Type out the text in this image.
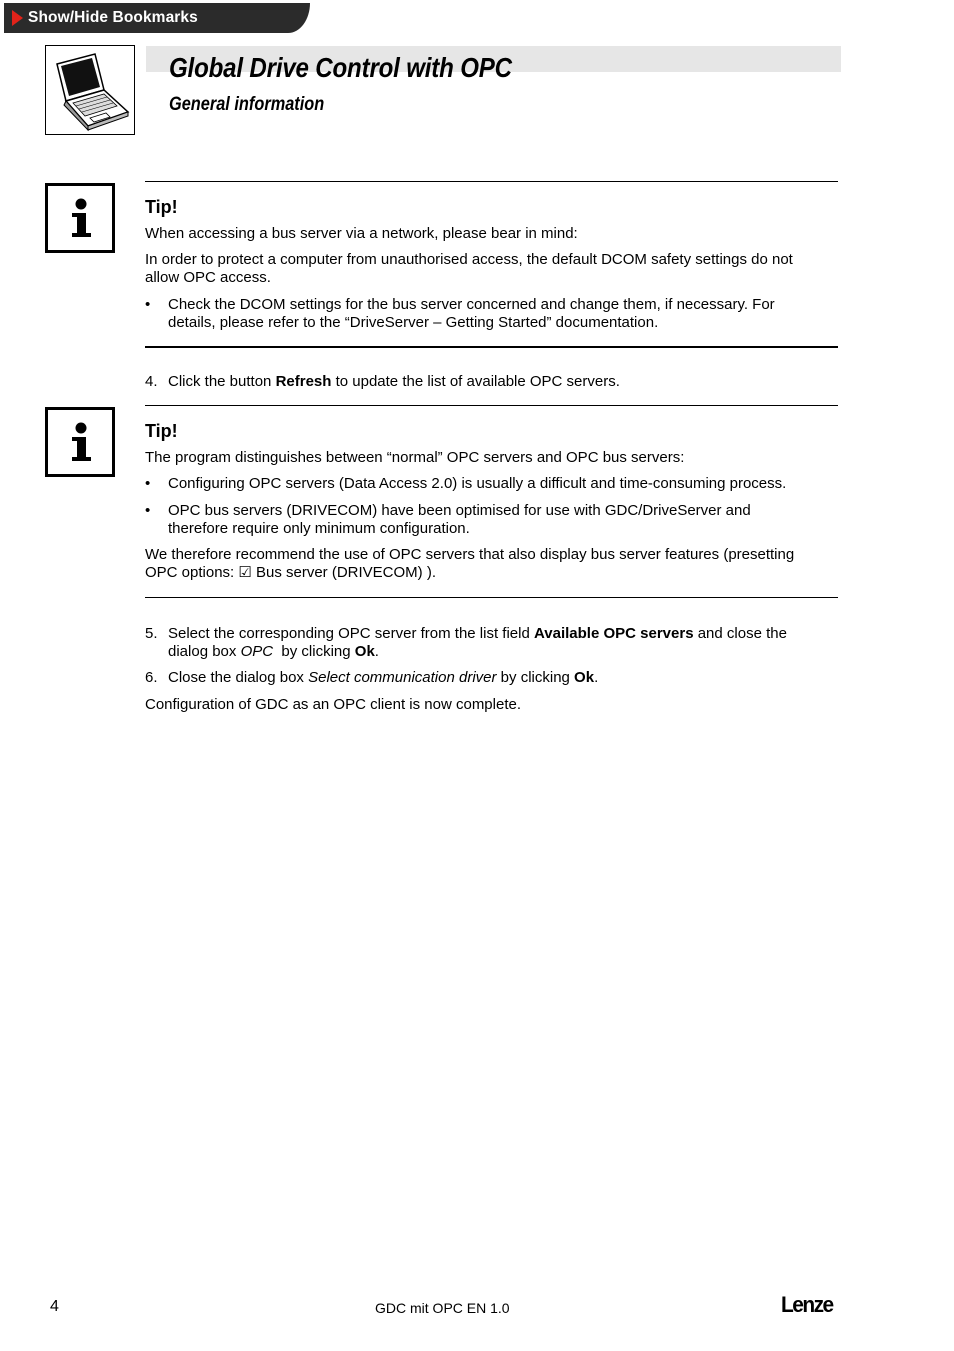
Show/Hide Bookmarks
Global Drive Control with OPC
General information
Tip!
When accessing a bus server via a network, please bear in mind:
In order to protect a computer from unauthorised access, the default DCOM safety settings do not
allow OPC access.
• Check the DCOM settings for the bus server concerned and change them, if necessary. For
details, please refer to the “DriveServer – Getting Started” documentation.
4. Click the button Refresh to update the list of available OPC servers.
Tip!
The program distinguishes between “normal” OPC servers and OPC bus servers:
• Configuring OPC servers (Data Access 2.0) is usually a difficult and time-consuming process.
• OPC bus servers (DRIVECOM) have been optimised for use with GDC/DriveServer and
therefore require only minimum configuration.
We therefore recommend the use of OPC servers that also display bus server features (presetting
OPC options: ☑ Bus server (DRIVECOM) ).
5. Select the corresponding OPC server from the list field Available OPC servers and close the
dialog box OPC  by clicking Ok.
6. Close the dialog box Select communication driver by clicking Ok.
Configuration of GDC as an OPC client is now complete.
4	GDC mit OPC EN 1.0	Lenze
